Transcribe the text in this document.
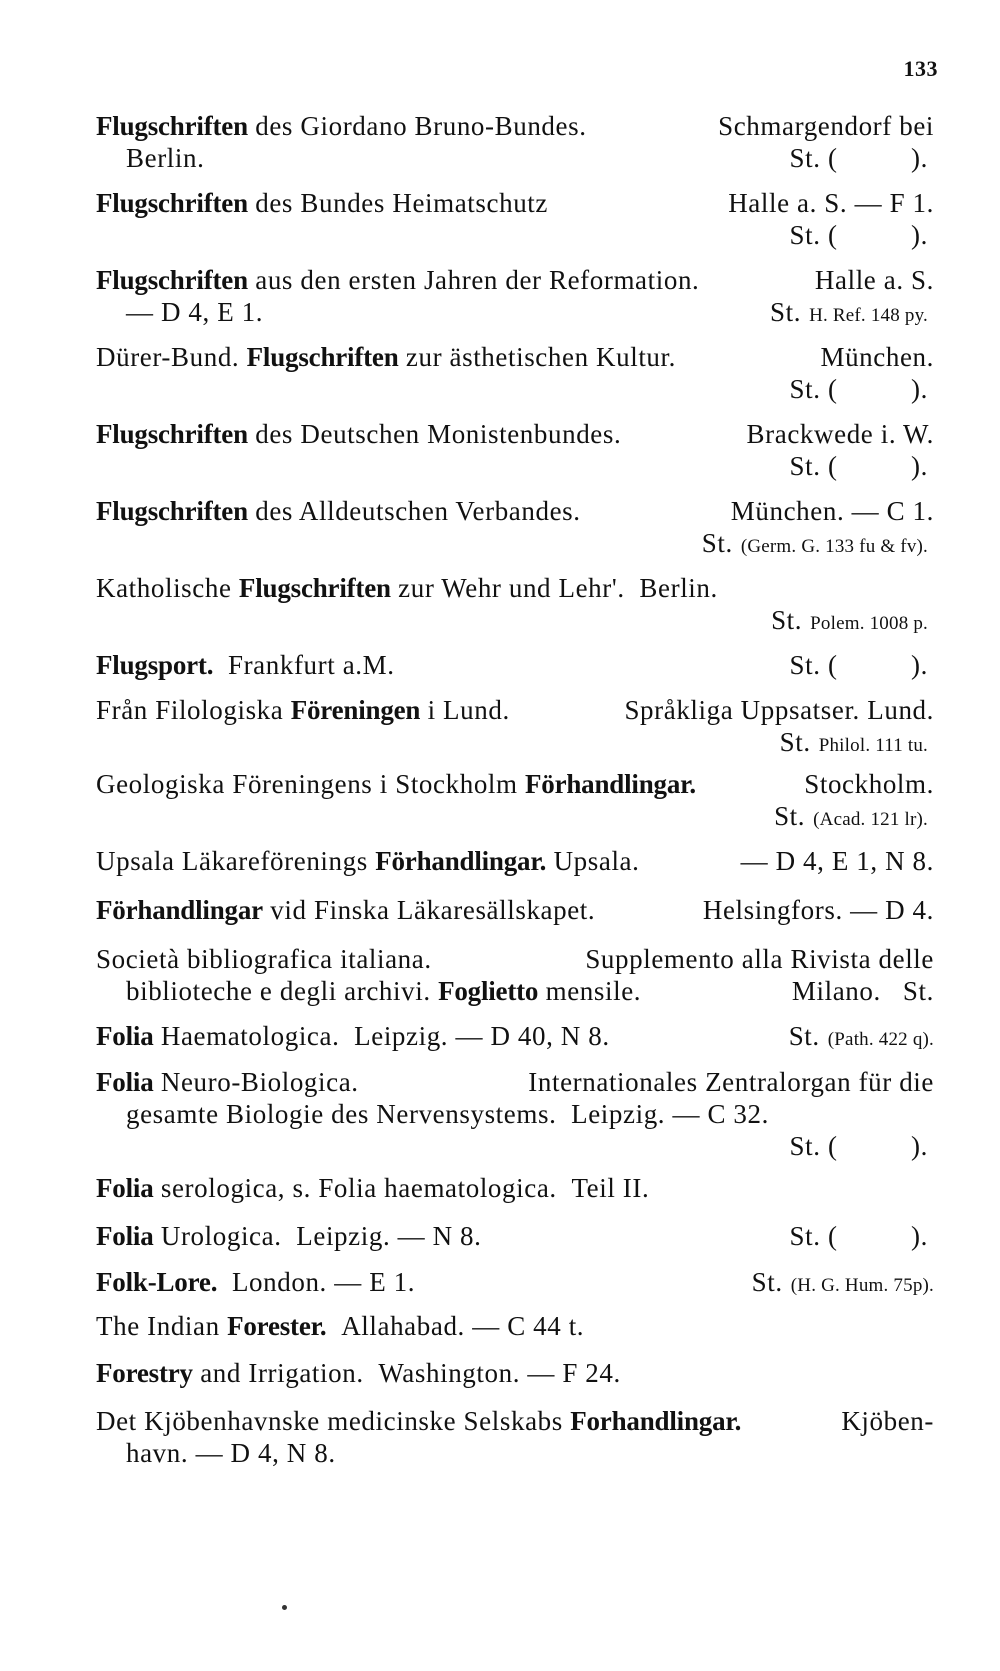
133
Flugschriften des Giordano Bruno-Bundes.	Schmargendorf bei
Berlin.	St. (          ).
Flugschriften des Bundes Heimatschutz	Halle a. S. — F 1.
St. (          ).
Flugschriften aus den ersten Jahren der Reformation.	Halle a. S.
— D 4, E 1.	St. H. Ref. 148 py.
Dürer-Bund. Flugschriften zur ästhetischen Kultur.	München.
St. (          ).
Flugschriften des Deutschen Monistenbundes.	Brackwede i. W.
St. (          ).
Flugschriften des Alldeutschen Verbandes.	München. — C 1.
St. (Germ. G. 133 fu & fv).
Katholische Flugschriften zur Wehr und Lehr'. Berlin.
St. Polem. 1008 p.
Flugsport. Frankfurt a.M.	St. (          ).
Från Filologiska Föreningen i Lund.	Språkliga Uppsatser. Lund.
St. Philol. 111 tu.
Geologiska Föreningens i Stockholm Förhandlingar.	Stockholm.
St. (Acad. 121 lr).
Upsala Läkareförenings Förhandlingar. Upsala.	— D 4, E 1, N 8.
Förhandlingar vid Finska Läkaresällskapet.	Helsingfors. — D 4.
Società bibliografica italiana.	Supplemento alla Rivista delle
biblioteche e degli archivi. Foglietto mensile.	Milano. St.
Folia Haematologica. Leipzig. — D 40, N 8.	St. (Path. 422 q).
Folia Neuro-Biologica.	Internationales Zentralorgan für die
gesamte Biologie des Nervensystems. Leipzig. — C 32.
St. (          ).
Folia serologica, s. Folia haematologica. Teil II.
Folia Urologica. Leipzig. — N 8.	St. (          ).
Folk-Lore. London. — E 1.	St. (H. G. Hum. 75p).
The Indian Forester. Allahabad. — C 44 t.
Forestry and Irrigation. Washington. — F 24.
Det Kjöbenhavnske medicinske Selskabs Forhandlingar.	Kjöben-
havn. — D 4, N 8.
